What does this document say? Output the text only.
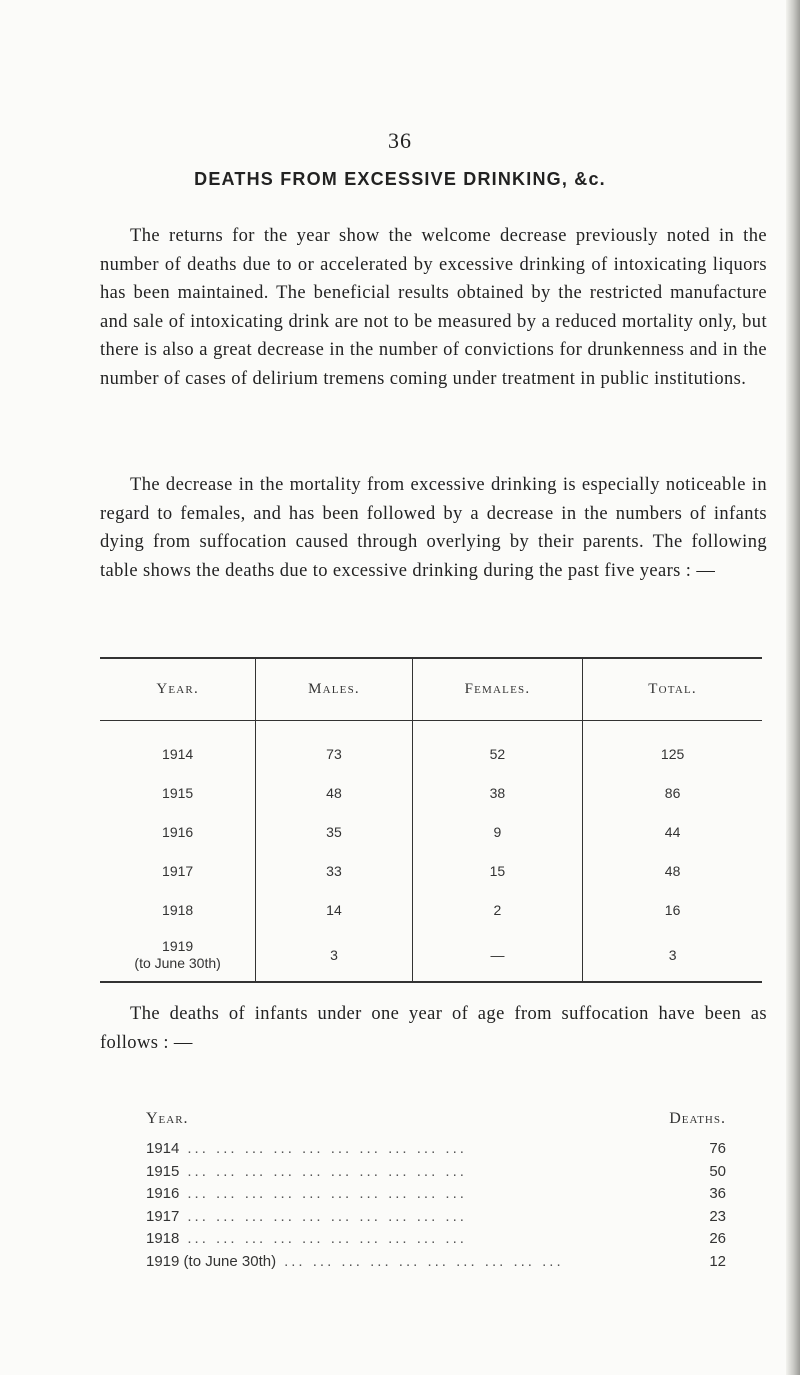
36
DEATHS FROM EXCESSIVE DRINKING, &c.

The returns for the year show the welcome decrease previously noted in the number of deaths due to or accelerated by excessive drinking of intoxicating liquors has been maintained. The beneficial results obtained by the restricted manufacture and sale of intoxicating drink are not to be measured by a reduced mortality only, but there is also a great decrease in the number of convictions for drunkenness and in the number of cases of delirium tremens coming under treatment in public institutions.

The decrease in the mortality from excessive drinking is especially noticeable in regard to females, and has been followed by a decrease in the numbers of infants dying from suffocation caused through overlying by their parents. The following table shows the deaths due to excessive drinking during the past five years : —

Year.	Males.	Females.	Total.
1914	73	52	125
1915	48	38	86
1916	35	9	44
1917	33	15	48
1918	14	2	16

1919
(to June 30th)	3	—	3

The deaths of infants under one year of age from suffocation have been as follows : —

Year.	Deaths.
1914 ... ... ... ... ... ... ... ... ... ...	76
1915 ... ... ... ... ... ... ... ... ... ...	50
1916 ... ... ... ... ... ... ... ... ... ...	36
1917 ... ... ... ... ... ... ... ... ... ...	23
1918 ... ... ... ... ... ... ... ... ... ...	26
1919 (to June 30th) ... ... ... ... ... ... ... ... ... ...	12
